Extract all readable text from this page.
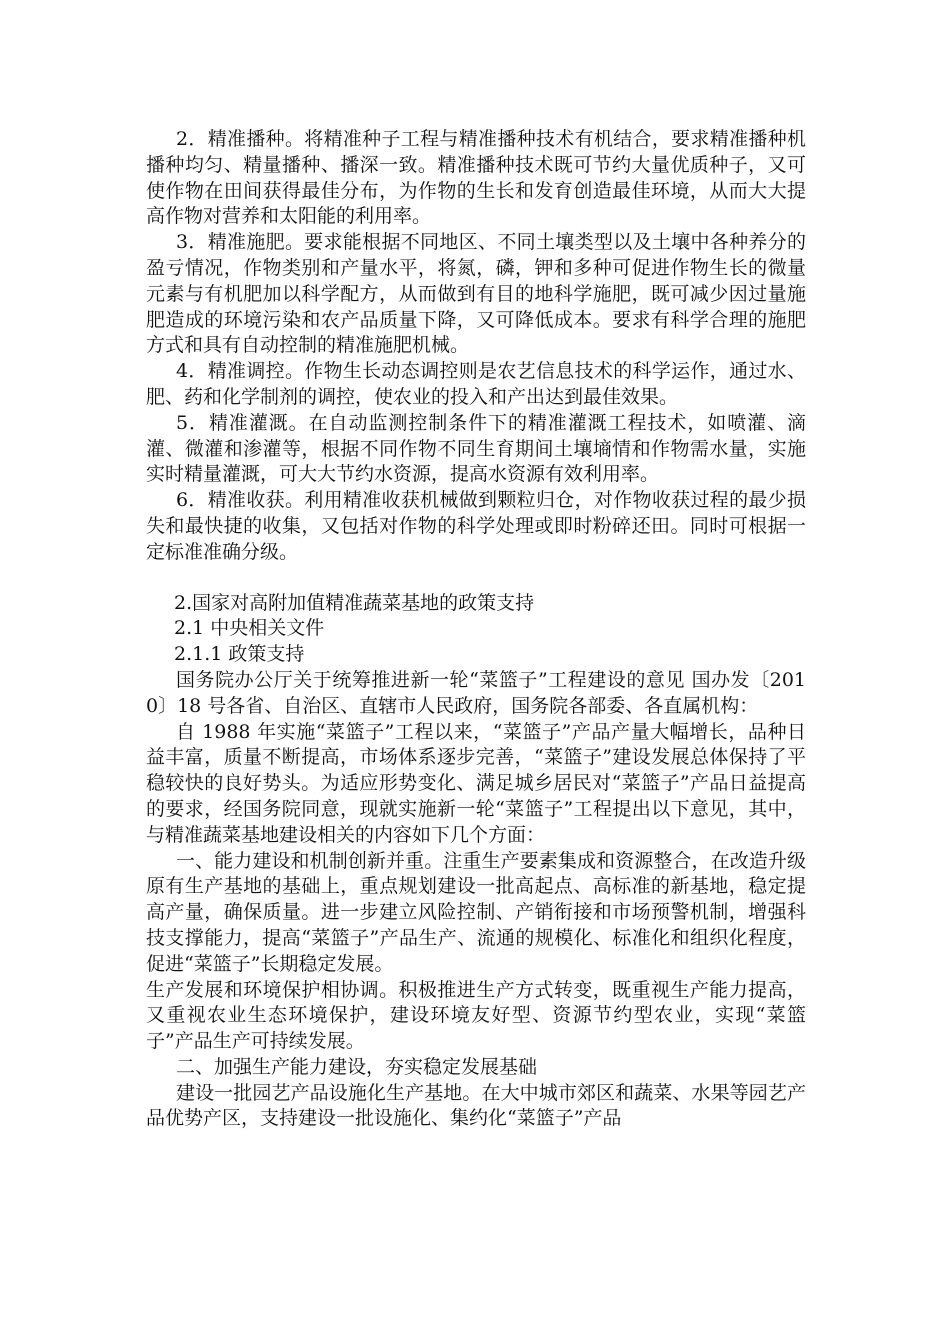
2．精准播种。将精准种子工程与精准播种技术有机结合，要求精准播种机播种均匀、精量播种、播深一致。精准播种技术既可节约大量优质种子，又可使作物在田间获得最佳分布，为作物的生长和发育创造最佳环境，从而大大提高作物对营养和太阳能的利用率。

3．精准施肥。要求能根据不同地区、不同土壤类型以及土壤中各种养分的盈亏情况，作物类别和产量水平，将氮，磷，钾和多种可促进作物生长的微量元素与有机肥加以科学配方，从而做到有目的地科学施肥，既可减少因过量施肥造成的环境污染和农产品质量下降，又可降低成本。要求有科学合理的施肥方式和具有自动控制的精准施肥机械。

4．精准调控。作物生长动态调控则是农艺信息技术的科学运作，通过水、肥、药和化学制剂的调控，使农业的投入和产出达到最佳效果。

5．精准灌溉。在自动监测控制条件下的精准灌溉工程技术，如喷灌、滴灌、微灌和渗灌等，根据不同作物不同生育期间土壤墒情和作物需水量，实施实时精量灌溉，可大大节约水资源，提高水资源有效利用率。

6．精准收获。利用精准收获机械做到颗粒归仓，对作物收获过程的最少损失和最快捷的收集，又包括对作物的科学处理或即时粉碎还田。同时可根据一定标准准确分级。

2.国家对高附加值精准蔬菜基地的政策支持

2.1 中央相关文件

2.1.1 政策支持

国务院办公厅关于统筹推进新一轮“菜篮子”工程建设的意见 国办发〔2010〕18 号各省、自治区、直辖市人民政府，国务院各部委、各直属机构：

自 1988 年实施“菜篮子”工程以来，“菜篮子”产品产量大幅增长，品种日益丰富，质量不断提高，市场体系逐步完善，“菜篮子”建设发展总体保持了平稳较快的良好势头。为适应形势变化、满足城乡居民对“菜篮子”产品日益提高的要求，经国务院同意，现就实施新一轮“菜篮子”工程提出以下意见，其中，与精准蔬菜基地建设相关的内容如下几个方面：

一、能力建设和机制创新并重。注重生产要素集成和资源整合，在改造升级原有生产基地的基础上，重点规划建设一批高起点、高标准的新基地，稳定提高产量，确保质量。进一步建立风险控制、产销衔接和市场预警机制，增强科技支撑能力，提高“菜篮子”产品生产、流通的规模化、标准化和组织化程度，促进“菜篮子”长期稳定发展。

生产发展和环境保护相协调。积极推进生产方式转变，既重视生产能力提高，又重视农业生态环境保护，建设环境友好型、资源节约型农业，实现“菜篮子”产品生产可持续发展。

二、加强生产能力建设，夯实稳定发展基础

建设一批园艺产品设施化生产基地。在大中城市郊区和蔬菜、水果等园艺产品优势产区，支持建设一批设施化、集约化“菜篮子”产品
